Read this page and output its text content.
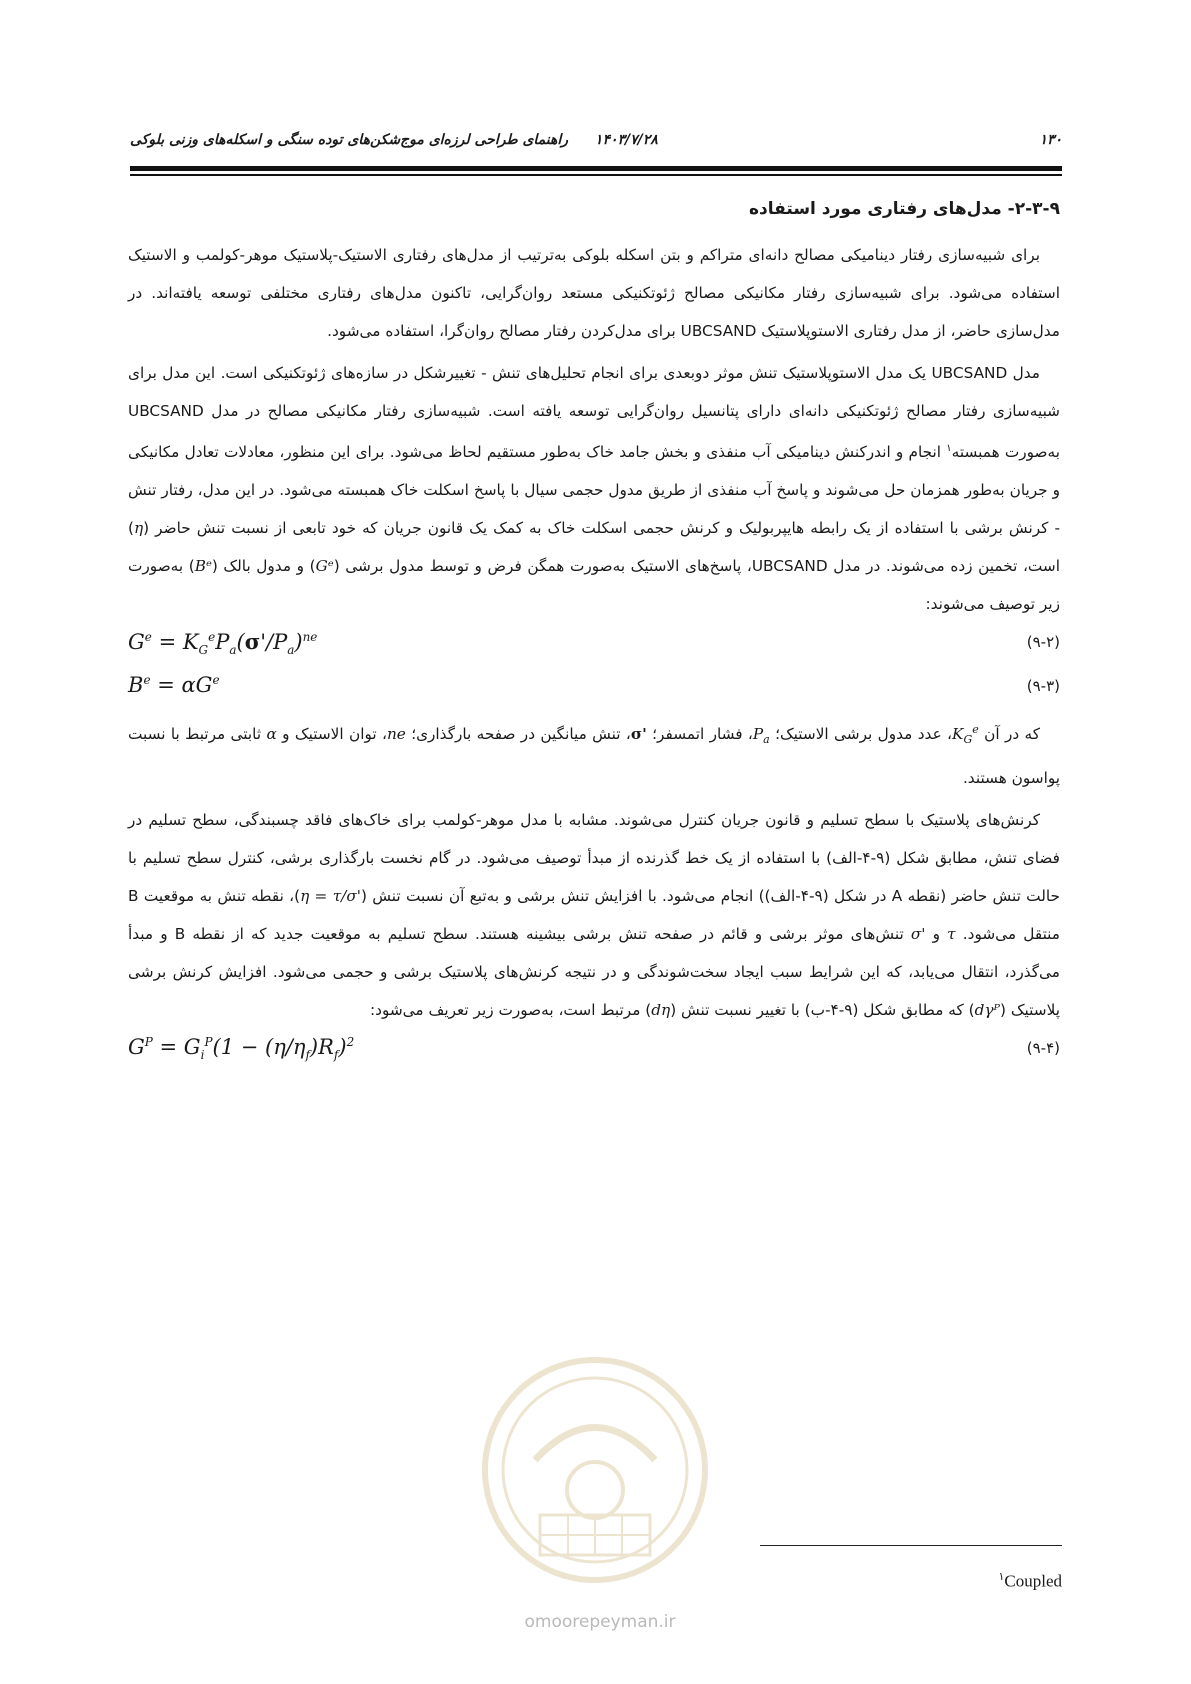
۱۳۰
۱۴۰۳/۷/۲۸ راهنمای طراحی لرزه‌ای موج‌شکن‌های توده سنگی و اسکله‌های وزنی بلوکی
۲-۳-۹- مدل‌های رفتاری مورد استفاده

برای شبیه‌سازی رفتار دینامیکی مصالح دانه‌ای متراکم و بتن اسکله بلوکی به‌ترتیب از مدل‌های رفتاری الاستیک-پلاستیک موهر-کولمب و الاستیک استفاده می‌شود. برای شبیه‌سازی رفتار مکانیکی مصالح ژئوتکنیکی مستعد روان‌گرایی، تاکنون مدل‌های رفتاری مختلفی توسعه یافته‌اند. در مدل‌سازی حاضر، از مدل رفتاری الاستوپلاستیک UBCSAND برای مدل‌کردن رفتار مصالح روان‌گرا، استفاده می‌شود.

مدل UBCSAND یک مدل الاستوپلاستیک تنش موثر دوبعدی برای انجام تحلیل‌های تنش - تغییرشکل در سازه‌های ژئوتکنیکی است. این مدل برای شبیه‌سازی رفتار مصالح ژئوتکنیکی دانه‌ای دارای پتانسیل روان‌گرایی توسعه یافته است. شبیه‌سازی رفتار مکانیکی مصالح در مدل UBCSAND به‌صورت همبسته$^۱$ انجام و اندرکنش دینامیکی آب منفذی و بخش جامد خاک به‌طور مستقیم لحاظ می‌شود. برای این منظور، معادلات تعادل مکانیکی و جریان به‌طور همزمان حل می‌شوند و پاسخ آب منفذی از طریق مدول حجمی سیال با پاسخ اسکلت خاک همبسته می‌شود. در این مدل، رفتار تنش - کرنش برشی با استفاده از یک رابطه هایپربولیک و کرنش حجمی اسکلت خاک به کمک یک قانون جریان که خود تابعی از نسبت تنش حاضر (η) است، تخمین زده می‌شوند. در مدل UBCSAND، پاسخ‌های الاستیک به‌صورت همگن فرض و توسط مدول برشی (Gᵉ) و مدول بالک (Bᵉ) به‌صورت زیر توصیف می‌شوند:

$G^e = K_G^eP_a(\sigma'/P_a)^{ne}$	(۹-۲)
$B^e = \alpha G^e$	(۹-۳)

که در آن $K_G^e،$ عدد مدول برشی الاستیک؛ $P_a،$ فشار اتمسفر؛ σ'، تنش میانگین در صفحه بارگذاری؛ ne، توان الاستیک و α ثابتی مرتبط با نسبت پواسون هستند.

کرنش‌های پلاستیک با سطح تسلیم و قانون جریان کنترل می‌شوند. مشابه با مدل موهر-کولمب برای خاک‌های فاقد چسبندگی، سطح تسلیم در فضای تنش، مطابق شکل (۹-۴-الف) با استفاده از یک خط گذرنده از مبدأ توصیف می‌شود. در گام نخست بارگذاری برشی، کنترل سطح تسلیم با حالت تنش حاضر (نقطه A در شکل (۹-۴-الف)) انجام می‌شود. با افزایش تنش برشی و به‌تبع آن نسبت تنش (η = τ/σ')، نقطه تنش به موقعیت B منتقل می‌شود. τ و σ' تنش‌های موثر برشی و قائم در صفحه تنش برشی بیشینه هستند. سطح تسلیم به موقعیت جدید که از نقطه B و مبدأ می‌گذرد، انتقال می‌یابد، که این شرایط سبب ایجاد سخت‌شوندگی و در نتیجه کرنش‌های پلاستیک برشی و حجمی می‌شود. افزایش کرنش برشی پلاستیک (dγᴾ) که مطابق شکل (۹-۴-ب) با تغییر نسبت تنش (dη) مرتبط است، به‌صورت زیر تعریف می‌شود:

$G^P = G_i^P(1 - (\eta/\eta_f)R_f)^2$	(۹-۴)
omoorepeyman.ir
$^۱$Coupled
